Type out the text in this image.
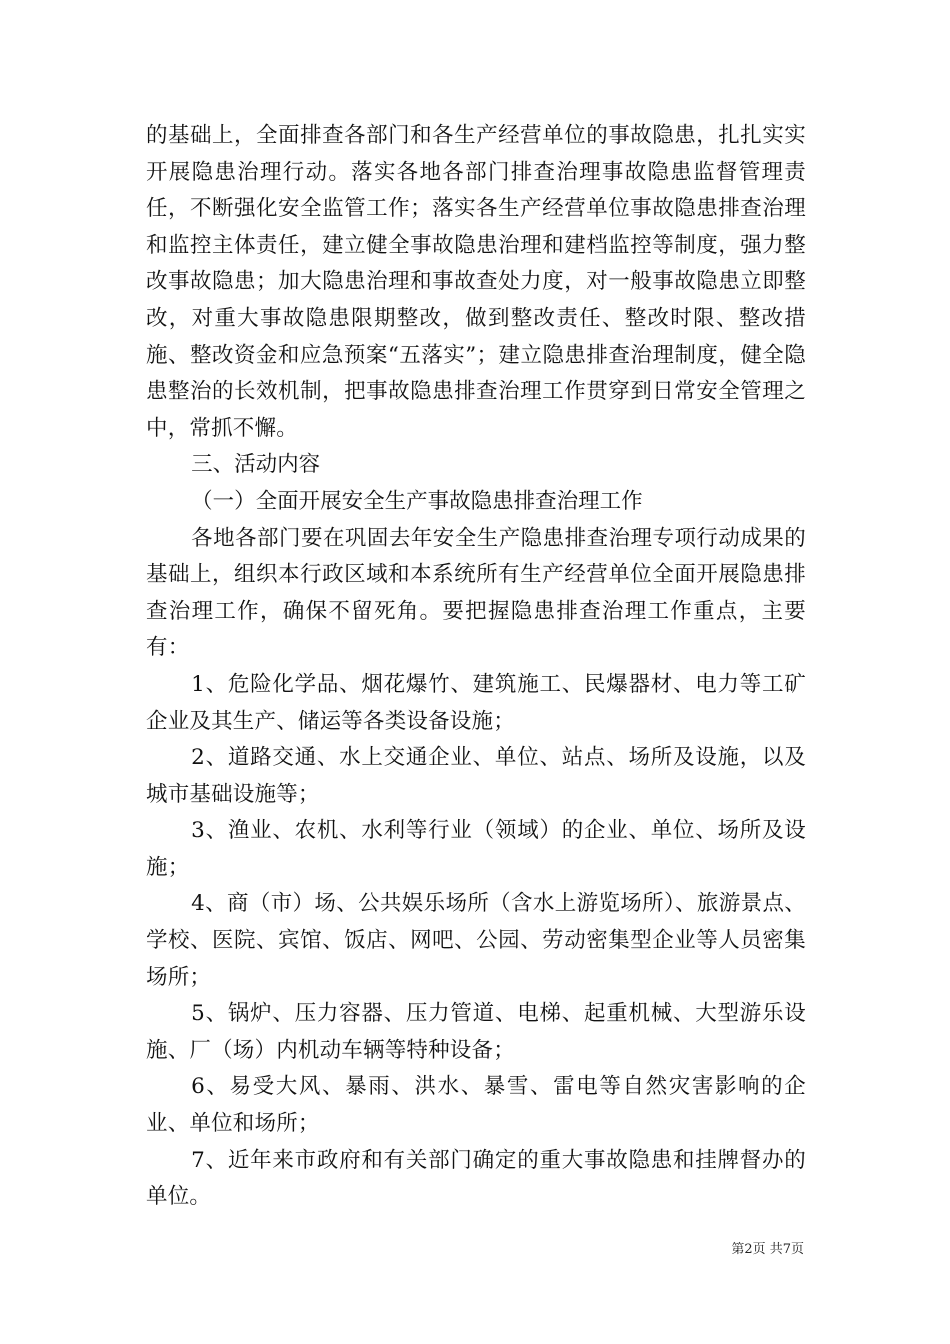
的基础上，全面排查各部门和各生产经营单位的事故隐患，扎扎实实开展隐患治理行动。落实各地各部门排查治理事故隐患监督管理责任，不断强化安全监管工作；落实各生产经营单位事故隐患排查治理和监控主体责任，建立健全事故隐患治理和建档监控等制度，强力整改事故隐患；加大隐患治理和事故查处力度，对一般事故隐患立即整改，对重大事故隐患限期整改，做到整改责任、整改时限、整改措施、整改资金和应急预案“五落实”；建立隐患排查治理制度，健全隐患整治的长效机制，把事故隐患排查治理工作贯穿到日常安全管理之中，常抓不懈。

三、活动内容

（一）全面开展安全生产事故隐患排查治理工作

各地各部门要在巩固去年安全生产隐患排查治理专项行动成果的基础上，组织本行政区域和本系统所有生产经营单位全面开展隐患排查治理工作，确保不留死角。要把握隐患排查治理工作重点，主要有：

1、危险化学品、烟花爆竹、建筑施工、民爆器材、电力等工矿企业及其生产、储运等各类设备设施；

2、道路交通、水上交通企业、单位、站点、场所及设施，以及城市基础设施等；

3、渔业、农机、水利等行业（领域）的企业、单位、场所及设施；

4、商（市）场、公共娱乐场所（含水上游览场所）、旅游景点、学校、医院、宾馆、饭店、网吧、公园、劳动密集型企业等人员密集场所；

5、锅炉、压力容器、压力管道、电梯、起重机械、大型游乐设施、厂（场）内机动车辆等特种设备；

6、易受大风、暴雨、洪水、暴雪、雷电等自然灾害影响的企业、单位和场所；

7、近年来市政府和有关部门确定的重大事故隐患和挂牌督办的单位。

第2页 共7页
